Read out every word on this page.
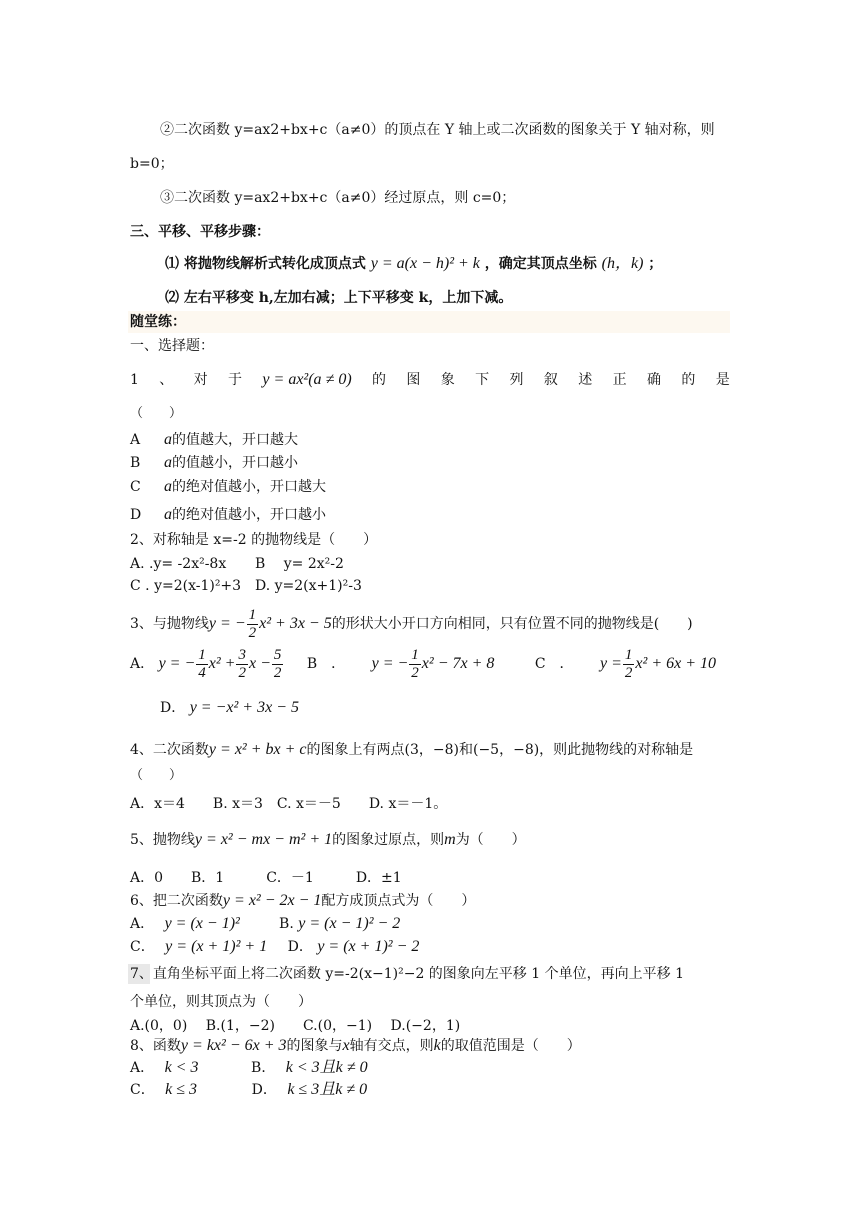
②二次函数 y=ax2+bx+c（a≠0）的顶点在 Y 轴上或二次函数的图象关于 Y 轴对称，则
b=0；
③二次函数 y=ax2+bx+c（a≠0）经过原点，则 c=0；
三、平移、平移步骤：
⑴ 将抛物线解析式转化成顶点式 y = a(x − h)² + k ，确定其顶点坐标 (h，k) ；
⑵ 左右平移变 h,左加右减；上下平移变 k，上加下减。
随堂练：
一、选择题：
1 、 对 于 y = ax²(a ≠ 0) 的 图 象 下 列 叙 述 正 确 的 是
（　　）
A a的值越大，开口越大
B a的值越小，开口越小
C a的绝对值越小，开口越大
D a的绝对值越小，开口越小
2、对称轴是 x=-2 的抛物线是（　　）
A. .y= -2x²-8x B　 y= 2x²-2
C . y=2(x-1)²+3 D. y=2(x+1)²-3
3、与抛物线y = − $\frac{1}{2} x^2 + 3x - 5$的形状大小开口方向相同，只有位置不同的抛物线是(　　)
A． y = − $\frac{1}{4} x^2 + \frac{3}{2}$ $x - \frac{5}{2}$ B　． y = − $\frac{1}{2} x^2 - 7x + 8$	C　． $y = \frac{1}{2} x^2 + 6x + 10$
D． y = −x² + 3x − 5
4、二次函数y = x² + bx + c的图象上有两点(3，−8)和(−5，−8)，则此抛物线的对称轴是
（　　）
A．x＝4　　B. x＝3　C. x＝－5　　D. x＝－1。
5、抛物线y = x² − mx − m² + 1的图象过原点，则m为（　　）
A．0　　B．1　　　C．－1　　　D．±1
6、把二次函数y = x² − 2x − 1配方成顶点式为（　　）
A． y = (x − 1)²	B. y = (x − 1)² − 2
C． y = (x + 1)² + 1 D． y = (x + 1)² − 2
7、直角坐标平面上将二次函数 y=-2(x−1)²−2 的图象向左平移 1 个单位，再向上平移 1
个单位，则其顶点为（　　）
A.(0，0)　 B.(1，−2)　　C.(0，−1)　 D.(−2，1)
8、函数y = kx² − 6x + 3的图象与x轴有交点，则k的取值范围是（　　）
A． k < 3	B． k < 3且k ≠ 0
C． k ≤ 3	D． k ≤ 3且k ≠ 0
